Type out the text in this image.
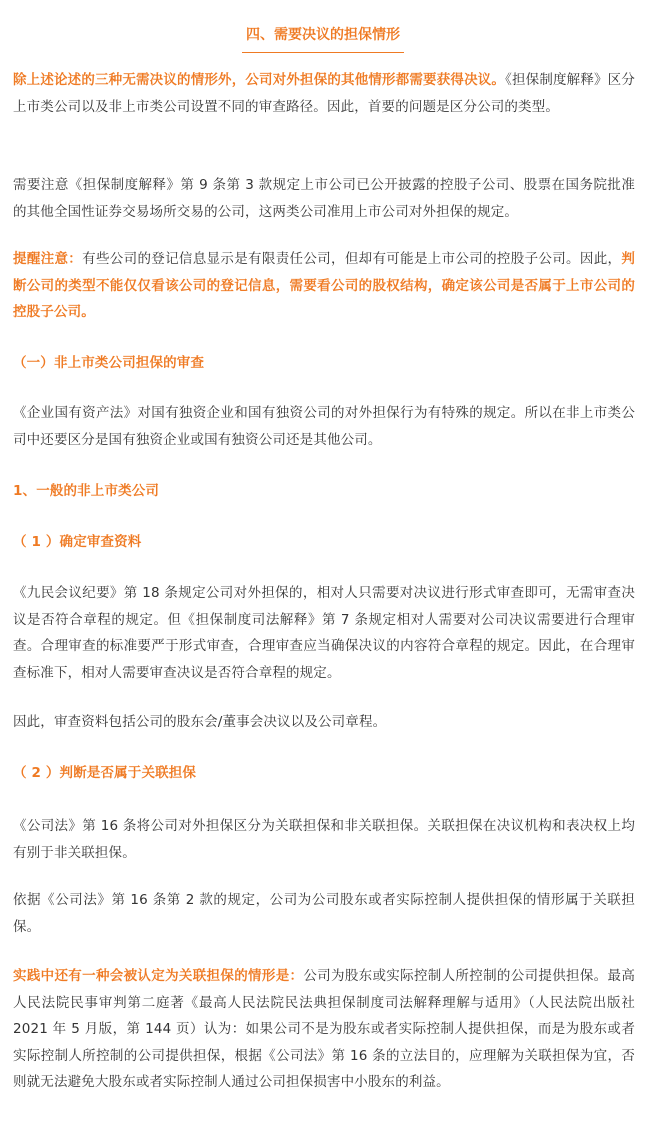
四、需要决议的担保情形
除上述论述的三种无需决议的情形外，公司对外担保的其他情形都需要获得决议。《担保制度解释》区分上市类公司以及非上市类公司设置不同的审查路径。因此，首要的问题是区分公司的类型。
需要注意《担保制度解释》第 9 条第 3 款规定上市公司已公开披露的控股子公司、股票在国务院批准的其他全国性证券交易场所交易的公司，这两类公司准用上市公司对外担保的规定。
提醒注意：有些公司的登记信息显示是有限责任公司，但却有可能是上市公司的控股子公司。因此，判断公司的类型不能仅仅看该公司的登记信息，需要看公司的股权结构，确定该公司是否属于上市公司的控股子公司。
（一）非上市类公司担保的审查
《企业国有资产法》对国有独资企业和国有独资公司的对外担保行为有特殊的规定。所以在非上市类公司中还要区分是国有独资企业或国有独资公司还是其他公司。
1、一般的非上市类公司
（ 1 ）确定审查资料
《九民会议纪要》第 18 条规定公司对外担保的，相对人只需要对决议进行形式审查即可，无需审查决议是否符合章程的规定。但《担保制度司法解释》第 7 条规定相对人需要对公司决议需要进行合理审查。合理审查的标准要严于形式审查，合理审查应当确保决议的内容符合章程的规定。因此，在合理审查标准下，相对人需要审查决议是否符合章程的规定。
因此，审查资料包括公司的股东会/董事会决议以及公司章程。
（ 2 ）判断是否属于关联担保
《公司法》第 16 条将公司对外担保区分为关联担保和非关联担保。关联担保在决议机构和表决权上均有别于非关联担保。
依据《公司法》第 16 条第 2 款的规定，公司为公司股东或者实际控制人提供担保的情形属于关联担保。
实践中还有一种会被认定为关联担保的情形是：公司为股东或实际控制人所控制的公司提供担保。最高人民法院民事审判第二庭著《最高人民法院民法典担保制度司法解释理解与适用》（人民法院出版社 2021 年 5 月版，第 144 页）认为：如果公司不是为股东或者实际控制人提供担保，而是为股东或者实际控制人所控制的公司提供担保，根据《公司法》第 16 条的立法目的，应理解为关联担保为宜，否则就无法避免大股东或者实际控制人通过公司担保损害中小股东的利益。
